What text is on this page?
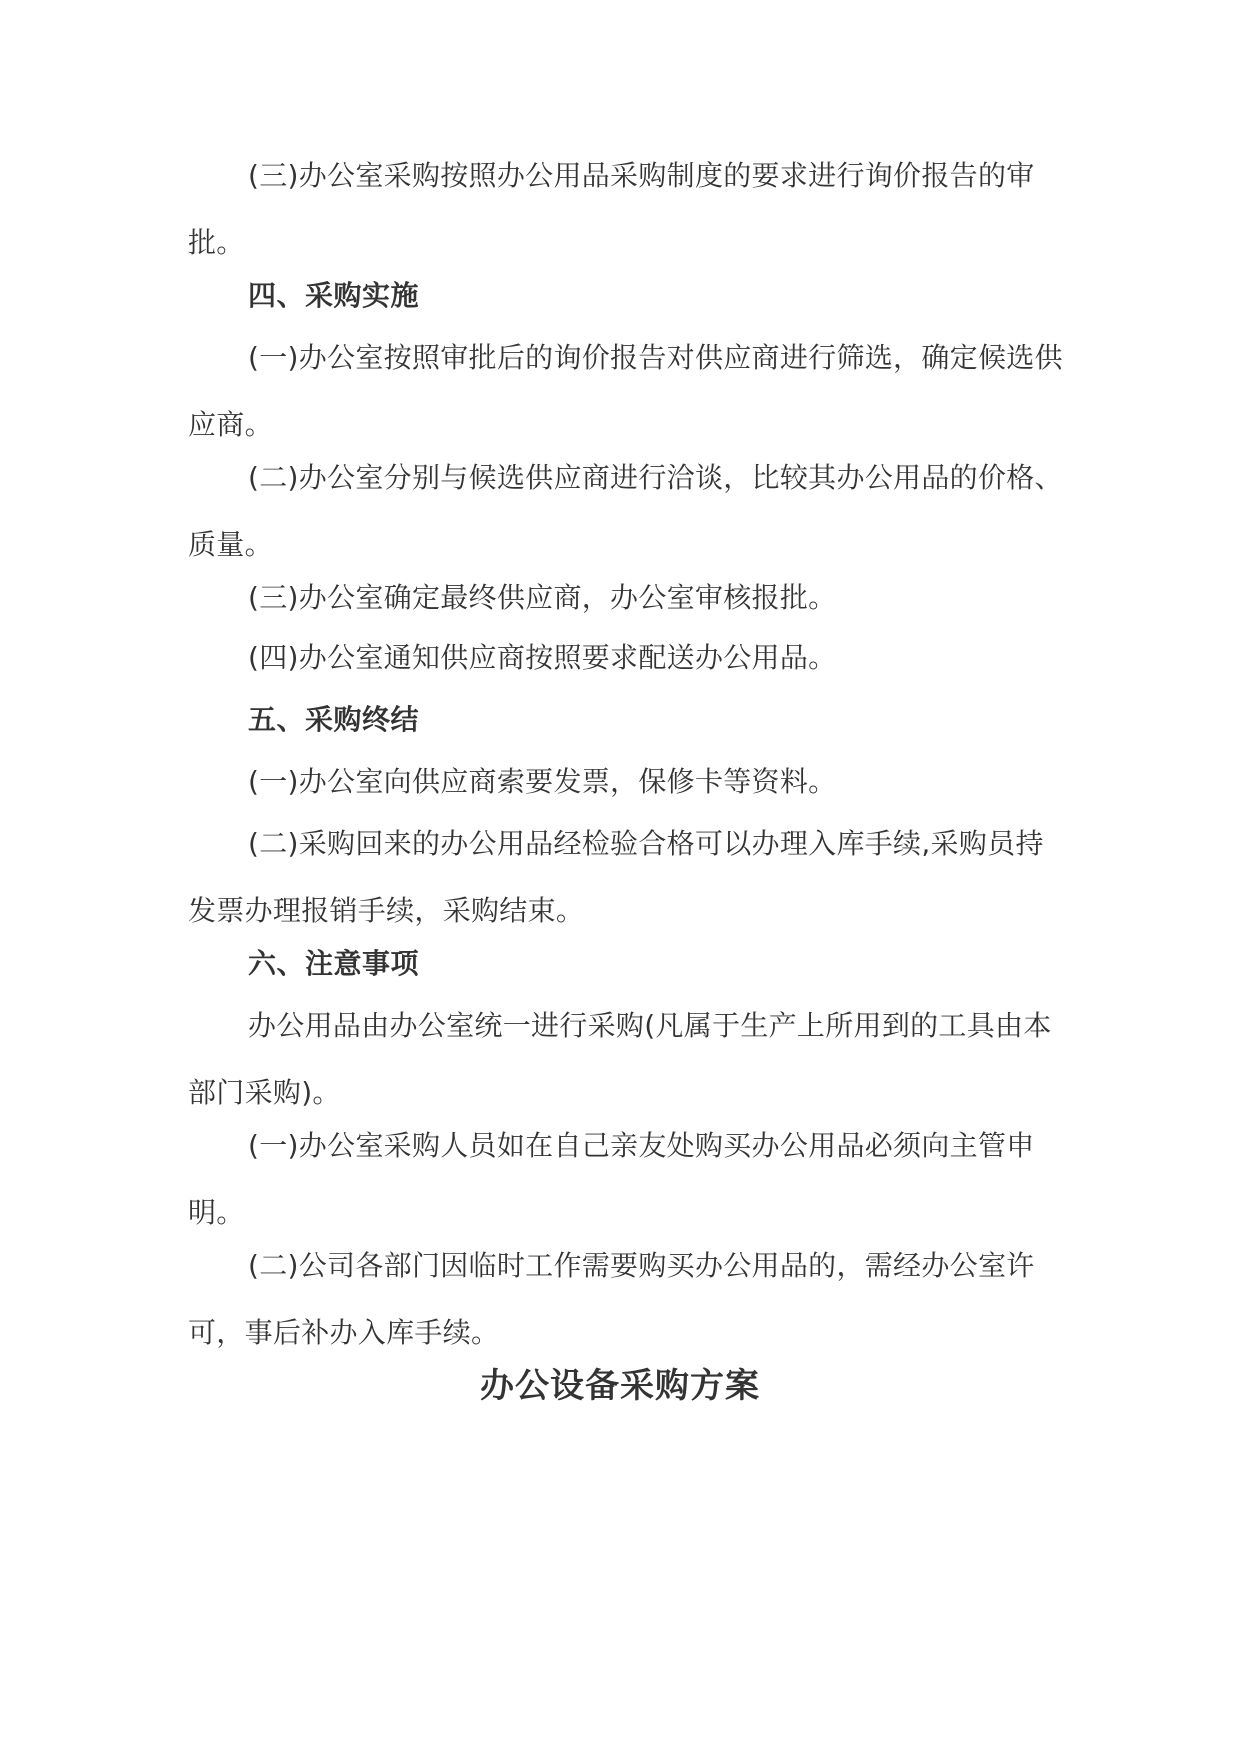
(三)办公室采购按照办公用品采购制度的要求进行询价报告的审批。

四、采购实施

(一)办公室按照审批后的询价报告对供应商进行筛选，确定候选供应商。

(二)办公室分别与候选供应商进行洽谈，比较其办公用品的价格、质量。

(三)办公室确定最终供应商，办公室审核报批。

(四)办公室通知供应商按照要求配送办公用品。

五、采购终结

(一)办公室向供应商索要发票，保修卡等资料。

(二)采购回来的办公用品经检验合格可以办理入库手续,采购员持发票办理报销手续，采购结束。

六、注意事项

办公用品由办公室统一进行采购(凡属于生产上所用到的工具由本部门采购)。

(一)办公室采购人员如在自己亲友处购买办公用品必须向主管申明。

(二)公司各部门因临时工作需要购买办公用品的，需经办公室许可，事后补办入库手续。

办公设备采购方案
